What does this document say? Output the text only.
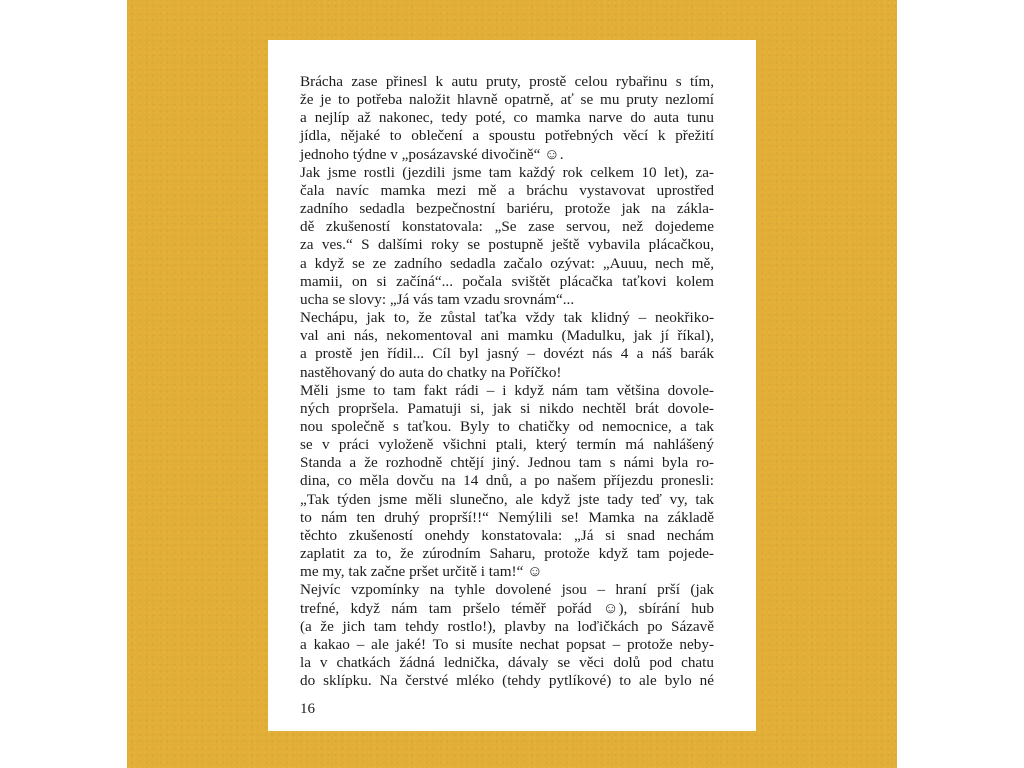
Brácha zase přinesl k autu pruty, prostě celou rybařinu s tím,
že je to potřeba naložit hlavně opatrně, ať se mu pruty nezlomí
a nejlíp až nakonec, tedy poté, co mamka narve do auta tunu
jídla, nějaké to oblečení a spoustu potřebných věcí k přežití
jednoho týdne v „posázavské divočině“ ☺.
Jak jsme rostli (jezdili jsme tam každý rok celkem 10 let), za-
čala navíc mamka mezi mě a bráchu vystavovat uprostřed
zadního sedadla bezpečnostní bariéru, protože jak na zákla-
dě zkušeností konstatovala: „Se zase servou, než dojedeme
za ves.“ S dalšími roky se postupně ještě vybavila plácačkou,
a když se ze zadního sedadla začalo ozývat: „Auuu, nech mě,
mamii, on si začíná“... počala svištět plácačka taťkovi kolem
ucha se slovy: „Já vás tam vzadu srovnám“...
Nechápu, jak to, že zůstal taťka vždy tak klidný – neokřiko-
val ani nás, nekomentoval ani mamku (Madulku, jak jí říkal),
a prostě jen řídil... Cíl byl jasný – dovézt nás 4 a náš barák
nastěhovaný do auta do chatky na Poříčko!
Měli jsme to tam fakt rádi – i když nám tam většina dovole-
ných propršela. Pamatuji si, jak si nikdo nechtěl brát dovole-
nou společně s taťkou. Byly to chatičky od nemocnice, a tak
se v práci vyloženě všichni ptali, který termín má nahlášený
Standa a že rozhodně chtějí jiný. Jednou tam s námi byla ro-
dina, co měla dovču na 14 dnů, a po našem příjezdu pronesli:
„Tak týden jsme měli slunečno, ale když jste tady teď vy, tak
to nám ten druhý proprší!!“ Nemýlili se! Mamka na základě
těchto zkušeností onehdy konstatovala: „Já si snad nechám
zaplatit za to, že zúrodním Saharu, protože když tam pojede-
me my, tak začne pršet určitě i tam!“ ☺
Nejvíc vzpomínky na tyhle dovolené jsou – hraní prší (jak
trefné, když nám tam pršelo téměř pořád ☺), sbírání hub
(a že jich tam tehdy rostlo!), plavby na loďičkách po Sázavě
a kakao – ale jaké! To si musíte nechat popsat – protože neby-
la v chatkách žádná lednička, dávaly se věci dolů pod chatu
do sklípku. Na čerstvé mléko (tehdy pytlíkové) to ale bylo né
16
